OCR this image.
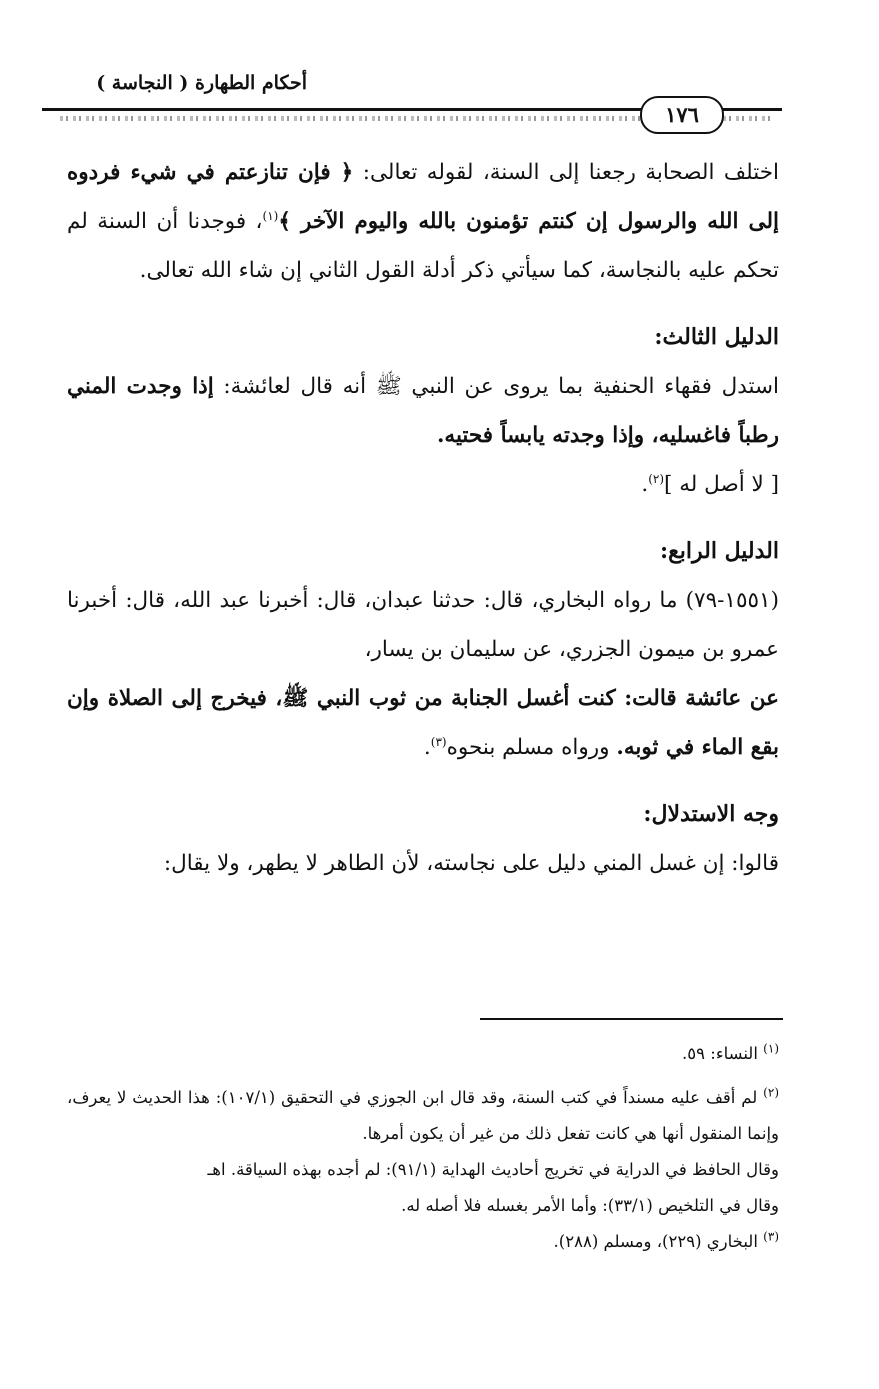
أحكام الطهارة ( النجاسة )
١٧٦

اختلف الصحابة رجعنا إلى السنة، لقوله تعالى: ﴿ فإن تنازعتم في شيء فردوه إلى الله والرسول إن كنتم تؤمنون بالله واليوم الآخر ﴾$^{(١)}$، فوجدنا أن السنة لم تحكم عليه بالنجاسة، كما سيأتي ذكر أدلة القول الثاني إن شاء الله تعالى.

الدليل الثالث:

استدل فقهاء الحنفية بما يروى عن النبي ﷺ أنه قال لعائشة: إذا وجدت المني رطباً فاغسليه، وإذا وجدته يابساً فحتيه.

[ لا أصل له ]$^{(٢)}$.

الدليل الرابع:

(١٥٥١-٧٩) ما رواه البخاري، قال: حدثنا عبدان، قال: أخبرنا عبد الله، قال: أخبرنا عمرو بن ميمون الجزري، عن سليمان بن يسار،

عن عائشة قالت: كنت أغسل الجنابة من ثوب النبي ﷺ، فيخرج إلى الصلاة وإن بقع الماء في ثوبه. ورواه مسلم بنحوه$^{(٣)}$.

وجه الاستدلال:

قالوا: إن غسل المني دليل على نجاسته، لأن الطاهر لا يطهر، ولا يقال:

$^{(١)}$ النساء: ٥٩.

$^{(٢)}$ لم أقف عليه مسنداً في كتب السنة، وقد قال ابن الجوزي في التحقيق (١٠٧/١): هذا الحديث لا يعرف، وإنما المنقول أنها هي كانت تفعل ذلك من غير أن يكون أمرها.

وقال الحافظ في الدراية في تخريج أحاديث الهداية (٩١/١): لم أجده بهذه السياقة. اهـ

وقال في التلخيص (٣٣/١): وأما الأمر بغسله فلا أصله له.

$^{(٣)}$ البخاري (٢٢٩)، ومسلم (٢٨٨).
